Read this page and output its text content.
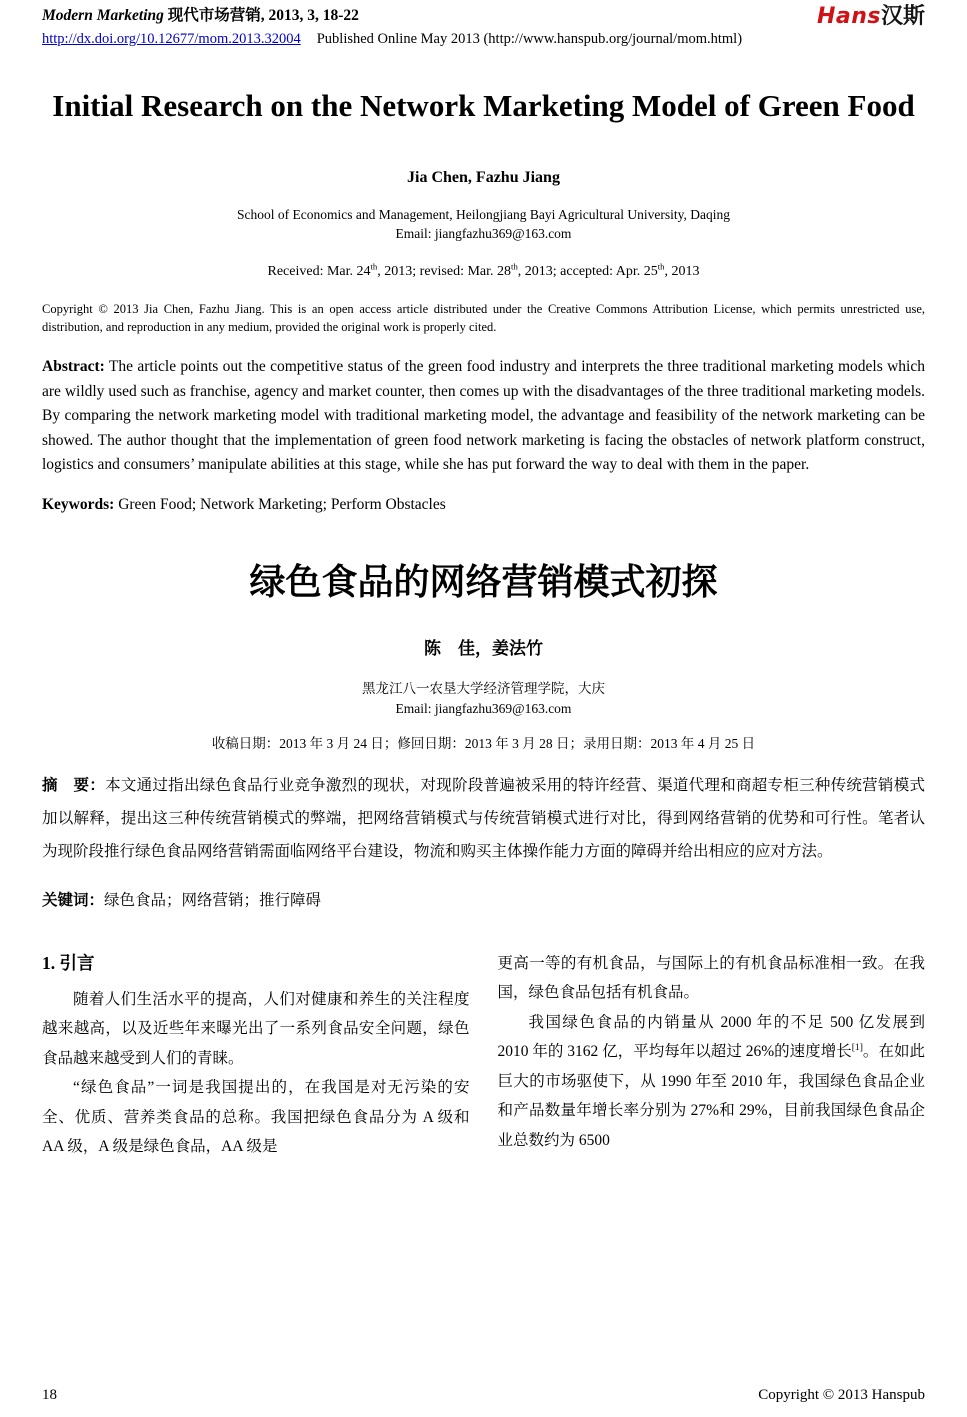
Modern Marketing 现代市场营销, 2013, 3, 18-22	Hans汉斯
http://dx.doi.org/10.12677/mom.2013.32004 Published Online May 2013 (http://www.hanspub.org/journal/mom.html)
Initial Research on the Network Marketing Model of Green Food
Jia Chen, Fazhu Jiang
School of Economics and Management, Heilongjiang Bayi Agricultural University, Daqing
Email: jiangfazhu369@163.com
Received: Mar. 24th, 2013; revised: Mar. 28th, 2013; accepted: Apr. 25th, 2013

Copyright © 2013 Jia Chen, Fazhu Jiang. This is an open access article distributed under the Creative Commons Attribution License, which permits unrestricted use, distribution, and reproduction in any medium, provided the original work is properly cited.

Abstract: The article points out the competitive status of the green food industry and interprets the three traditional marketing models which are wildly used such as franchise, agency and market counter, then comes up with the disadvantages of the three traditional marketing models. By comparing the network marketing model with traditional marketing model, the advantage and feasibility of the network marketing can be showed. The author thought that the implementation of green food network marketing is facing the obstacles of network platform construct, logistics and consumers’ manipulate abilities at this stage, while she has put forward the way to deal with them in the paper.

Keywords: Green Food; Network Marketing; Perform Obstacles

绿色食品的网络营销模式初探
陈　佳，姜法竹
黑龙江八一农垦大学经济管理学院，大庆
Email: jiangfazhu369@163.com
收稿日期：2013 年 3 月 24 日；修回日期：2013 年 3 月 28 日；录用日期：2013 年 4 月 25 日

摘　要：本文通过指出绿色食品行业竞争激烈的现状，对现阶段普遍被采用的特许经营、渠道代理和商超专柜三种传统营销模式加以解释，提出这三种传统营销模式的弊端，把网络营销模式与传统营销模式进行对比，得到网络营销的优势和可行性。笔者认为现阶段推行绿色食品网络营销需面临网络平台建设，物流和购买主体操作能力方面的障碍并给出相应的应对方法。

关键词：绿色食品；网络营销；推行障碍

1. 引言

随着人们生活水平的提高，人们对健康和养生的关注程度越来越高，以及近些年来曝光出了一系列食品安全问题，绿色食品越来越受到人们的青睐。

“绿色食品”一词是我国提出的，在我国是对无污染的安全、优质、营养类食品的总称。我国把绿色食品分为 A 级和 AA 级，A 级是绿色食品，AA 级是

更高一等的有机食品，与国际上的有机食品标准相一致。在我国，绿色食品包括有机食品。

我国绿色食品的内销量从 2000 年的不足 500 亿发展到 2010 年的 3162 亿，平均每年以超过 26%的速度增长[1]。在如此巨大的市场驱使下，从 1990 年至 2010 年，我国绿色食品企业和产品数量年增长率分别为 27%和 29%，目前我国绿色食品企业总数约为 6500

18	Copyright © 2013 Hanspub
